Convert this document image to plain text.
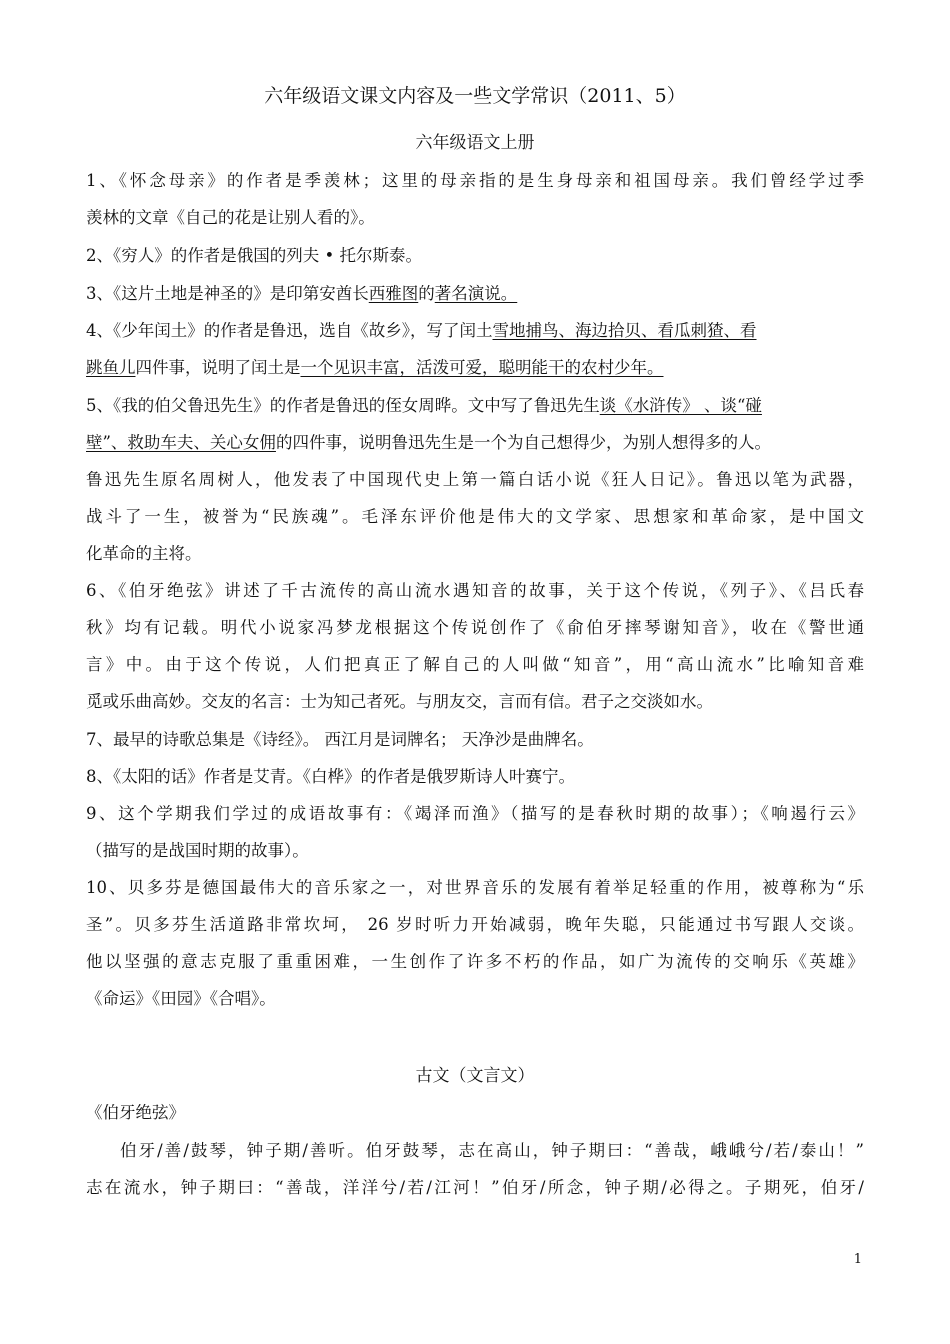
六年级语文课文内容及一些文学常识（2011、5）
六年级语文上册
1、《怀念母亲》的作者是季羡林；这里的母亲指的是生身母亲和祖国母亲。我们曾经学过季
羡林的文章《自己的花是让别人看的》。
2、《穷人》的作者是俄国的列夫 • 托尔斯泰。
3、《这片土地是神圣的》是印第安酋长西雅图的著名演说。
4、《少年闰土》的作者是鲁迅，选自《故乡》，写了闰土雪地捕鸟、海边拾贝、看瓜刺猹、看
跳鱼儿四件事，说明了闰土是一个见识丰富，活泼可爱，聪明能干的农村少年。
5、《我的伯父鲁迅先生》的作者是鲁迅的侄女周晔。文中写了鲁迅先生谈《水浒传》 、谈“碰
壁”、救助车夫、关心女佣的四件事，说明鲁迅先生是一个为自己想得少，为别人想得多的人。
鲁迅先生原名周树人，他发表了中国现代史上第一篇白话小说《狂人日记》。鲁迅以笔为武器，
战斗了一生，被誉为“民族魂”。毛泽东评价他是伟大的文学家、思想家和革命家，是中国文
化革命的主将。
6、《伯牙绝弦》讲述了千古流传的高山流水遇知音的故事，关于这个传说，《列子》、《吕氏春
秋》均有记载。明代小说家冯梦龙根据这个传说创作了《俞伯牙摔琴谢知音》，收在《警世通
言》中。由于这个传说，人们把真正了解自己的人叫做“知音”，用“高山流水”比喻知音难
觅或乐曲高妙。交友的名言：士为知己者死。与朋友交，言而有信。君子之交淡如水。
7、最早的诗歌总集是《诗经》。 西江月是词牌名； 天净沙是曲牌名。
8、《太阳的话》作者是艾青。《白桦》的作者是俄罗斯诗人叶赛宁。
9、这个学期我们学过的成语故事有：《竭泽而渔》（描写的是春秋时期的故事）；《响遏行云》
（描写的是战国时期的故事）。
10、贝多芬是德国最伟大的音乐家之一，对世界音乐的发展有着举足轻重的作用，被尊称为“乐
圣”。贝多芬生活道路非常坎坷， 26 岁时听力开始减弱，晚年失聪，只能通过书写跟人交谈。
他以坚强的意志克服了重重困难，一生创作了许多不朽的作品，如广为流传的交响乐《英雄》
《命运》《田园》《合唱》。
《伯牙绝弦》
伯牙/善/鼓琴，钟子期/善听。伯牙鼓琴，志在高山，钟子期曰：“善哉，峨峨兮/若/泰山！”
志在流水，钟子期曰：“善哉，洋洋兮/若/江河！”伯牙/所念，钟子期/必得之。子期死，伯牙/
古文（文言文）
1
